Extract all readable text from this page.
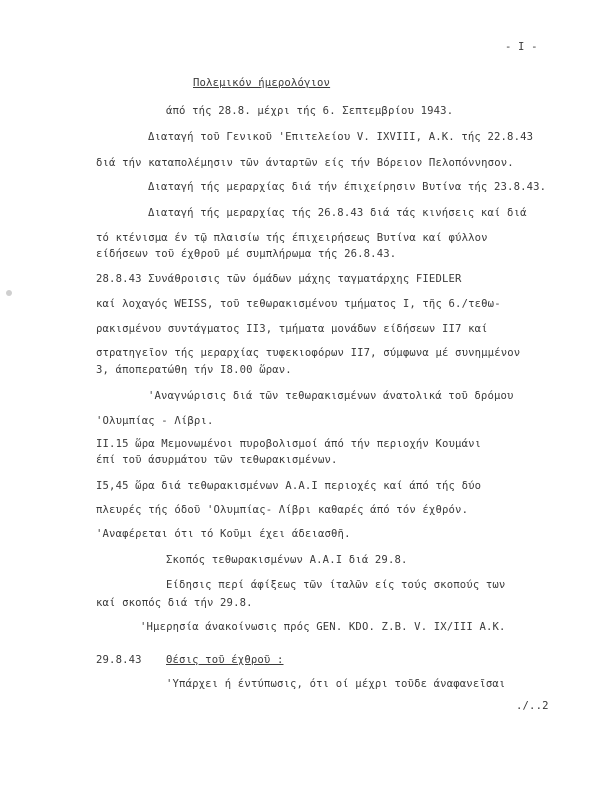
- I -
Πολεμικόν ήμερολόγιον
άπό τής 28.8. μέχρι τής 6. Σεπτεμβρίου 1943.
Διαταγή τοῦ Γενικοῦ 'Επιτελείου V. IXVIII, A.K. τής 22.8.43
διά τήν καταπολέμησιν τῶν άνταρτῶν είς τήν Βόρειον Πελοπόννησον.
Διαταγή τής μεραρχίας διά τήν έπιχείρησιν Βυτίνα τής 23.8.43.
Διαταγή τής μεραρχίας τής 26.8.43 διά τάς κινήσεις καί διά
τό κτένισμα έν τῷ πλαισίω τής έπιχειρήσεως Βυτίνα καί φύλλον
είδήσεων τοῦ έχθροῦ μέ συμπλήρωμα τής 26.8.43.
28.8.43 Συνάθροισις τῶν όμάδων μάχης ταγματάρχης FIEDLER
καί λοχαγός WEISS, τοῦ τεθωρακισμένου τμήματος Ι, τῆς 6./τεθω-
ρακισμένου συντάγματος ΙΙ3, τμήματα μονάδων είδήσεων ΙΙ7 καί
στρατηγεῖον τής μεραρχίας τυφεκιοφόρων ΙΙ7, σύμφωνα μέ συνημμένον
3, άποπερατώθη τήν Ι8.00 ὥραν.
'Αναγνώρισις διά τῶν τεθωρακισμένων άνατολικά τοῦ δρόμου
'Ολυμπίας - Λίβρι.
ΙΙ.15 ὥρα Μεμονωμένοι πυροβολισμοί άπό τήν περιοχήν Κουμάνι
έπί τοῦ άσυρμάτου τῶν τεθωρακισμένων.
Ι5,45 ὥρα διά τεθωρακισμένων Α.Α.Ι περιοχές καί άπό τής δύο
πλευρές τής όδοῦ 'Ολυμπίας- Λίβρι καθαρές άπό τόν έχθρόν.
'Αναφέρεται ότι τό Κοῦμι έχει άδειασθῆ.
Σκοπός τεθωρακισμένων Α.Α.Ι διά 29.8.
Είδησις περί άφίξεως τῶν ίταλῶν είς τούς σκοπούς των
καί σκοπός διά τήν 29.8.
'Ημερησία άνακοίνωσις πρός GEN. KDO. Z.B. V. IX/III A.K.
29.8.43 Θέσις τοῦ έχθροῦ :
'Υπάρχει ή έντύπωσις, ότι οί μέχρι τοῦδε άναφανεῖσαι
./..2
